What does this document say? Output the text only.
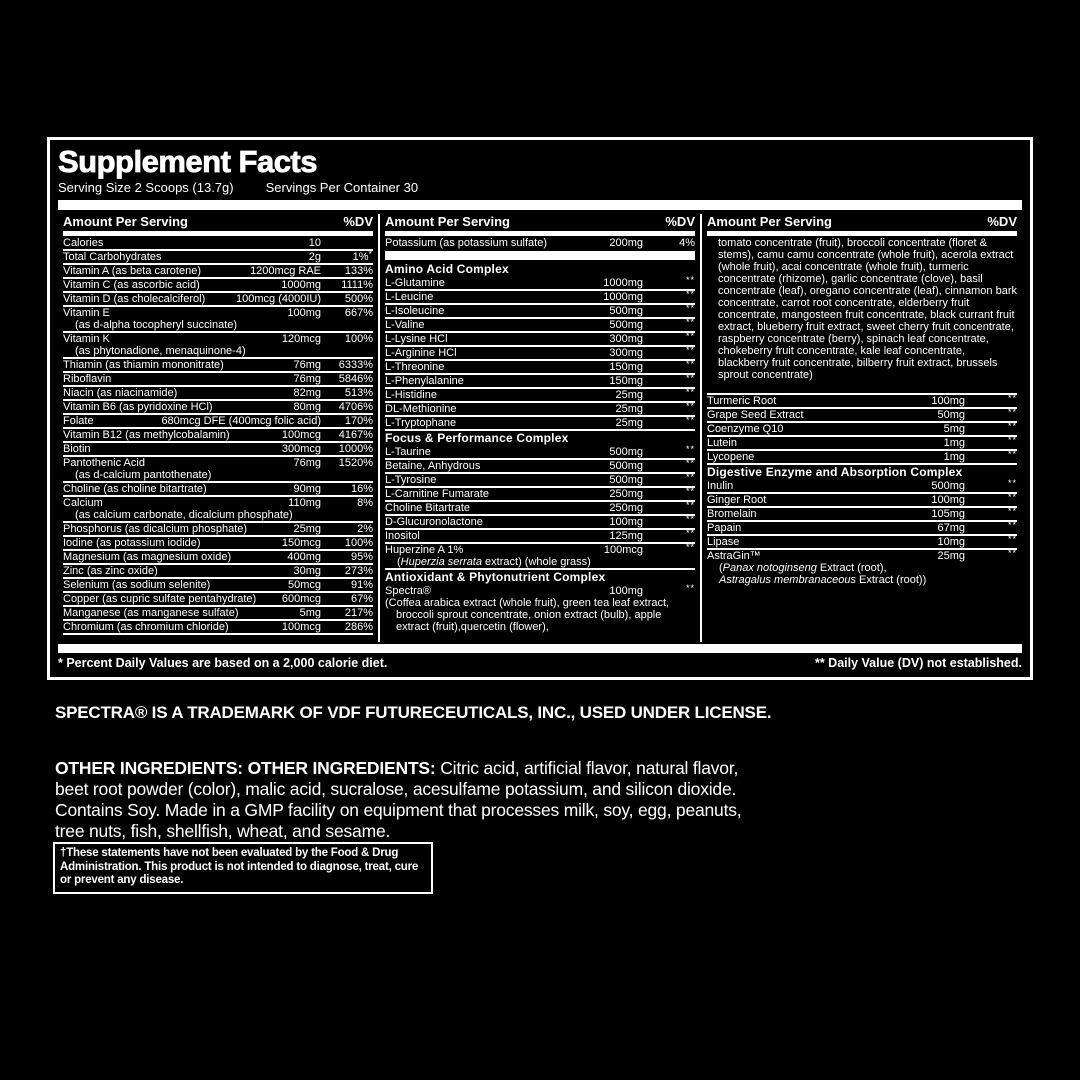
Supplement Facts
Serving Size 2 Scoops (13.7g) Servings Per Container 30
Amount Per Serving	%DV
Calories	10
Total Carbohydrates	2g	1%*
Vitamin A (as beta carotene)	1200mcg RAE	133%
Vitamin C (as ascorbic acid)	1000mg	1111%
Vitamin D (as cholecalciferol)	100mcg (4000IU)	500%
Vitamin E	100mg	667%
(as d-alpha tocopheryl succinate)
Vitamin K	120mcg	100%
(as phytonadione, menaquinone-4)
Thiamin (as thiamin mononitrate)	76mg	6333%
Riboflavin	76mg	5846%
Niacin (as niacinamide)	82mg	513%
Vitamin B6 (as pyridoxine HCl)	80mg	4706%
Folate	680mcg DFE (400mcg folic acid)	170%
Vitamin B12 (as methylcobalamin)	100mcg	4167%
Biotin	300mcg	1000%
Pantothenic Acid	76mg	1520%
(as d-calcium pantothenate)
Choline (as choline bitartrate)	90mg	16%
Calcium	110mg	8%
(as calcium carbonate, dicalcium phosphate)
Phosphorus (as dicalcium phosphate)	25mg	2%
Iodine (as potassium iodide)	150mcg	100%
Magnesium (as magnesium oxide)	400mg	95%
Zinc (as zinc oxide)	30mg	273%
Selenium (as sodium selenite)	50mcg	91%
Copper (as cupric sulfate pentahydrate)	600mcg	67%
Manganese (as manganese sulfate)	5mg	217%
Chromium (as chromium chloride)	100mcg	286%
Amount Per Serving	%DV
Potassium (as potassium sulfate)	200mg	4%
Amino Acid Complex
L-Glutamine	1000mg	**
L-Leucine	1000mg	**
L-Isoleucine	500mg	**
L-Valine	500mg	**
L-Lysine HCl	300mg	**
L-Arginine HCl	300mg	**
L-Threonine	150mg	**
L-Phenylalanine	150mg	**
L-Histidine	25mg	**
DL-Methionine	25mg	**
L-Tryptophane	25mg	**
Focus & Performance Complex
L-Taurine	500mg	**
Betaine, Anhydrous	500mg	**
L-Tyrosine	500mg	**
L-Carnitine Fumarate	250mg	**
Choline Bitartrate	250mg	**
D-Glucuronolactone	100mg	**
Inositol	125mg	**
Huperzine A 1%	100mcg	**
(Huperzia serrata extract) (whole grass)
Antioxidant & Phytonutrient Complex
Spectra®	100mg	**
(Coffea arabica extract (whole fruit), green tea leaf extract, broccoli sprout concentrate, onion extract (bulb), apple extract (fruit),quercetin (flower),
Amount Per Serving	%DV
tomato concentrate (fruit), broccoli concentrate (floret & stems), camu camu concentrate (whole fruit), acerola extract (whole fruit), acai concentrate (whole fruit), turmeric concentrate (rhizome), garlic concentrate (clove), basil concentrate (leaf), oregano concentrate (leaf), cinnamon bark concentrate, carrot root concentrate, elderberry fruit concentrate, mangosteen fruit concentrate, black currant fruit extract, blueberry fruit extract, sweet cherry fruit concentrate, raspberry concentrate (berry), spinach leaf concentrate, chokeberry fruit concentrate, kale leaf concentrate, blackberry fruit concentrate, bilberry fruit extract, brussels sprout concentrate)
Turmeric Root	100mg	**
Grape Seed Extract	50mg	**
Coenzyme Q10	5mg	**
Lutein	1mg	**
Lycopene	1mg	**
Digestive Enzyme and Absorption Complex
Inulin	500mg	**
Ginger Root	100mg	**
Bromelain	105mg	**
Papain	67mg	**
Lipase	10mg	**
AstraGin™	25mg	**
(Panax notoginseng Extract (root),
Astragalus membranaceous Extract (root))
* Percent Daily Values are based on a 2,000 calorie diet.	** Daily Value (DV) not established.
SPECTRA® IS A TRADEMARK OF VDF FUTURECEUTICALS, INC., USED UNDER LICENSE.

OTHER INGREDIENTS: OTHER INGREDIENTS: Citric acid, artificial flavor, natural flavor, beet root powder (color), malic acid, sucralose, acesulfame potassium, and silicon dioxide. Contains Soy. Made in a GMP facility on equipment that processes milk, soy, egg, peanuts, tree nuts, fish, shellfish, wheat, and sesame.

†These statements have not been evaluated by the Food & Drug Administration. This product is not intended to diagnose, treat, cure or prevent any disease.
